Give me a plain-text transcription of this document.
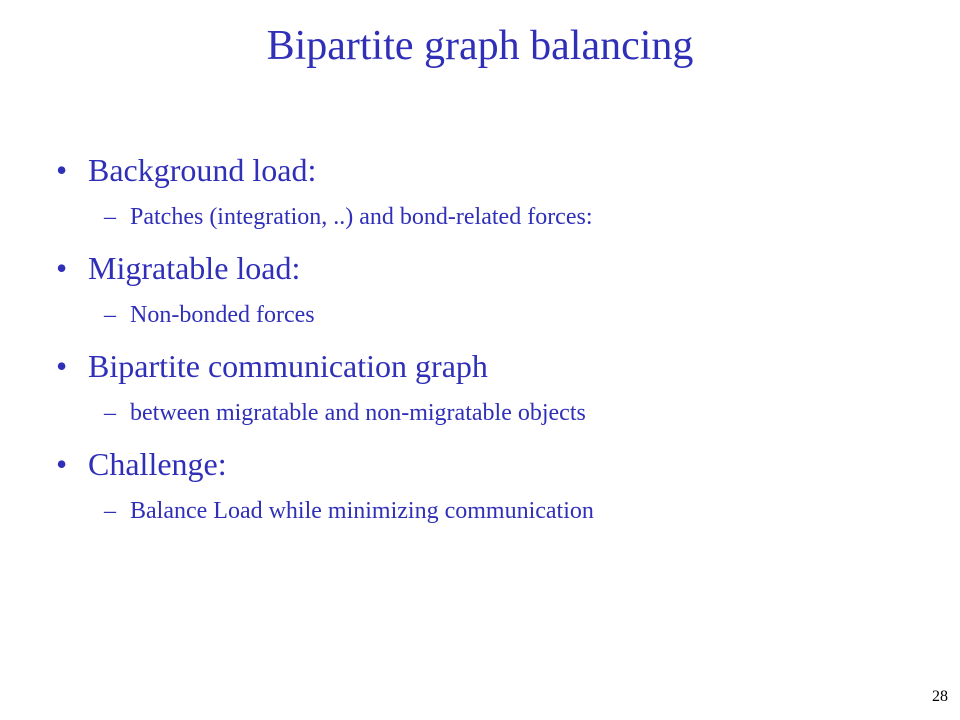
Bipartite graph balancing
• Background load:
– Patches (integration, ..) and bond-related forces:
• Migratable load:
– Non-bonded forces
• Bipartite communication graph
– between migratable and non-migratable objects
• Challenge:
– Balance Load while minimizing communication
28
